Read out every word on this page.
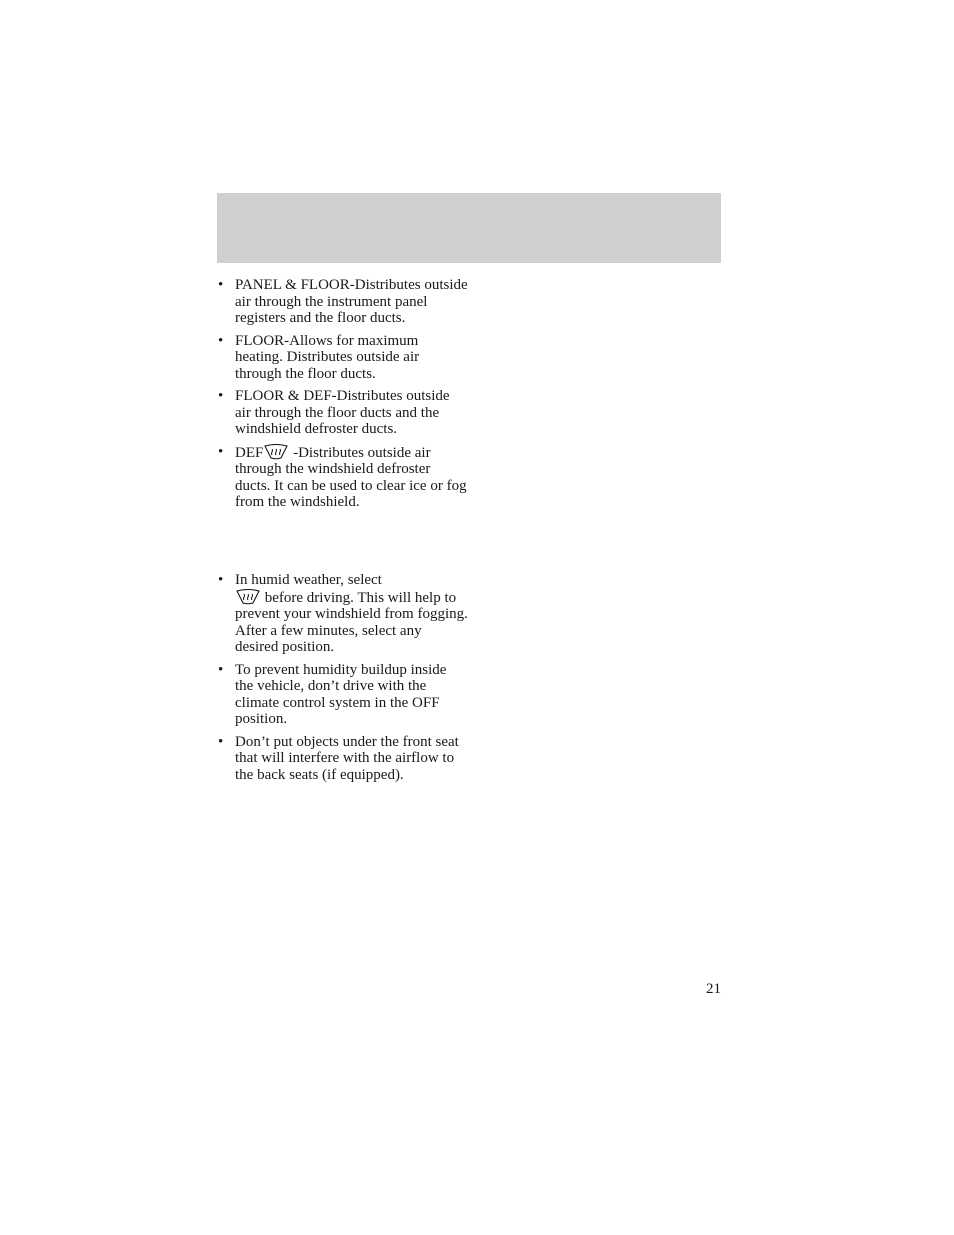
• PANEL & FLOOR-Distributes outside air through the instrument panel registers and the floor ducts.
• FLOOR-Allows for maximum heating. Distributes outside air through the floor ducts.
• FLOOR & DEF-Distributes outside air through the floor ducts and the windshield defroster ducts.
• DEF
-Distributes outside air through the windshield defroster ducts. It can be used to clear ice or fog from the windshield.
• In humid weather, select

before driving. This will help to prevent your windshield from fogging. After a few minutes, select any desired position.
• To prevent humidity buildup inside the vehicle, don’t drive with the climate control system in the OFF position.
• Don’t put objects under the front seat that will interfere with the airflow to the back seats (if equipped).
21
